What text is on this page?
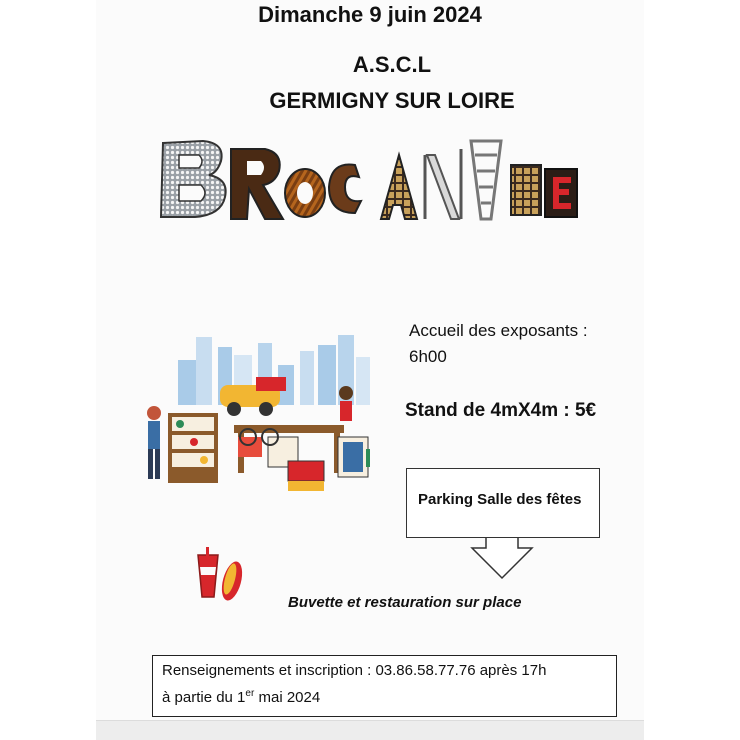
Dimanche 9 juin 2024
A.S.C.L
GERMIGNY SUR LOIRE
Accueil des exposants : 6h00
Stand de 4mX4m : 5€
Parking Salle des fêtes
Buvette et restauration sur place
Renseignements et inscription : 03.86.58.77.76 après 17h
à partie du 1er mai 2024
